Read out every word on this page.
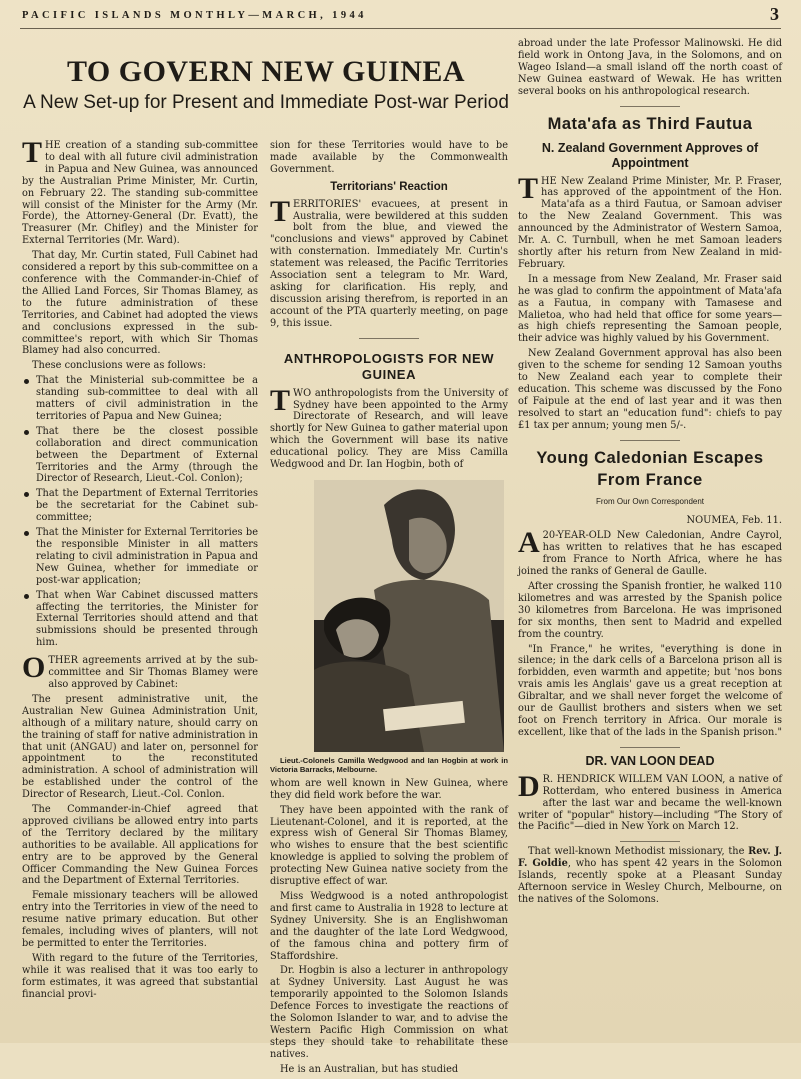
PACIFIC ISLANDS MONTHLY—MARCH, 1944	3
TO GOVERN NEW GUINEA
A New Set-up for Present and Immediate Post-war Period

THE creation of a standing sub-committee to deal with all future civil administration in Papua and New Guinea, was announced by the Australian Prime Minister, Mr. Curtin, on February 22. The standing sub-committee will consist of the Minister for the Army (Mr. Forde), the Attorney-General (Dr. Evatt), the Treasurer (Mr. Chifley) and the Minister for External Territories (Mr. Ward).

That day, Mr. Curtin stated, Full Cabinet had considered a report by this sub-committee on a conference with the Commander-in-Chief of the Allied Land Forces, Sir Thomas Blamey, as to the future administration of these Territories, and Cabinet had adopted the views and conclusions expressed in the sub-committee's report, with which Sir Thomas Blamey had also concurred.

These conclusions were as follows:

That the Ministerial sub-committee be a standing sub-committee to deal with all matters of civil administration in the territories of Papua and New Guinea;
That there be the closest possible collaboration and direct communication between the Department of External Territories and the Army (through the Director of Research, Lieut.-Col. Conlon);
That the Department of External Territories be the secretariat for the Cabinet sub-committee;
That the Minister for External Territories be the responsible Minister in all matters relating to civil administration in Papua and New Guinea, whether for immediate or post-war application;
That when War Cabinet discussed matters affecting the territories, the Minister for External Territories should attend and that submissions should be presented through him.

OTHER agreements arrived at by the sub-committee and Sir Thomas Blamey were also approved by Cabinet:

The present administrative unit, the Australian New Guinea Administration Unit, although of a military nature, should carry on the training of staff for native administration in that unit (ANGAU) and later on, personnel for appointment to the reconstituted administration. A school of administration will be established under the control of the Director of Research, Lieut.-Col. Conlon.

The Commander-in-Chief agreed that approved civilians be allowed entry into parts of the Territory declared by the military authorities to be available. All applications for entry are to be approved by the General Officer Commanding the New Guinea Forces and the Department of External Territories.

Female missionary teachers will be allowed entry into the Territories in view of the need to resume native primary education. But other females, including wives of planters, will not be permitted to enter the Territories.

With regard to the future of the Territories, while it was realised that it was too early to form estimates, it was agreed that substantial financial provi-

sion for these Territories would have to be made available by the Commonwealth Government.

Territorians' Reaction

TERRITORIES' evacuees, at present in Australia, were bewildered at this sudden bolt from the blue, and viewed the "conclusions and views" approved by Cabinet with consternation. Immediately Mr. Curtin's statement was released, the Pacific Territories Association sent a telegram to Mr. Ward, asking for clarification. His reply, and discussion arising therefrom, is reported in an account of the PTA quarterly meeting, on page 9, this issue.

ANTHROPOLOGISTS FOR NEW GUINEA

TWO anthropologists from the University of Sydney have been appointed to the Army Directorate of Research, and will leave shortly for New Guinea to gather material upon which the Government will base its native educational policy. They are Miss Camilla Wedgwood and Dr. Ian Hogbin, both of

Lieut.-Colonels Camilla Wedgwood and Ian Hogbin at work in Victoria Barracks, Melbourne.

whom are well known in New Guinea, where they did field work before the war.

They have been appointed with the rank of Lieutenant-Colonel, and it is reported, at the express wish of General Sir Thomas Blamey, who wishes to ensure that the best scientific knowledge is applied to solving the problem of protecting New Guinea native society from the disruptive effect of war.

Miss Wedgwood is a noted anthropologist and first came to Australia in 1928 to lecture at Sydney University. She is an Englishwoman and the daughter of the late Lord Wedgwood, of the famous china and pottery firm of Staffordshire.

Dr. Hogbin is also a lecturer in anthropology at Sydney University. Last August he was temporarily appointed to the Solomon Islands Defence Forces to investigate the reactions of the Solomon Islander to war, and to advise the Western Pacific High Commission on what steps they should take to rehabilitate these natives.

He is an Australian, but has studied

abroad under the late Professor Malinowski. He did field work in Ontong Java, in the Solomons, and on Wageo Island—a small island off the north coast of New Guinea eastward of Wewak. He has written several books on his anthropological research.

Mata'afa as Third Fautua
N. Zealand Government Approves of Appointment

THE New Zealand Prime Minister, Mr. P. Fraser, has approved of the appointment of the Hon. Mata'afa as a third Fautua, or Samoan adviser to the New Zealand Government. This was announced by the Administrator of Western Samoa, Mr. A. C. Turnbull, when he met Samoan leaders shortly after his return from New Zealand in mid-February.

In a message from New Zealand, Mr. Fraser said he was glad to confirm the appointment of Mata'afa as a Fautua, in company with Tamasese and Malietoa, who had held that office for some years—as high chiefs representing the Samoan people, their advice was highly valued by his Government.

New Zealand Government approval has also been given to the scheme for sending 12 Samoan youths to New Zealand each year to complete their education. This scheme was discussed by the Fono of Faipule at the end of last year and it was then resolved to start an "education fund": chiefs to pay £1 tax per annum; young men 5/-.

Young Caledonian Escapes From France
From Our Own Correspondent

NOUMEA, Feb. 11.

A 20-YEAR-OLD New Caledonian, Andre Cayrol, has written to relatives that he has escaped from France to North Africa, where he has joined the ranks of General de Gaulle.

After crossing the Spanish frontier, he walked 110 kilometres and was arrested by the Spanish police 30 kilometres from Barcelona. He was imprisoned for six months, then sent to Madrid and expelled from the country.

"In France," he writes, "everything is done in silence; in the dark cells of a Barcelona prison all is forbidden, even warmth and appetite; but 'nos bons vrais amis les Anglais' gave us a great reception at Gibraltar, and we shall never forget the welcome of our de Gaullist brothers and sisters when we set foot on French territory in Africa. Our morale is excellent, like that of the lads in the Spanish prison."

DR. VAN LOON DEAD

D R. HENDRICK WILLEM VAN LOON, a native of Rotterdam, who entered business in America after the last war and became the well-known writer of "popular" history—including "The Story of the Pacific"—died in New York on March 12.

That well-known Methodist missionary, the Rev. J. F. Goldie, who has spent 42 years in the Solomon Islands, recently spoke at a Pleasant Sunday Afternoon service in Wesley Church, Melbourne, on the natives of the Solomons.
